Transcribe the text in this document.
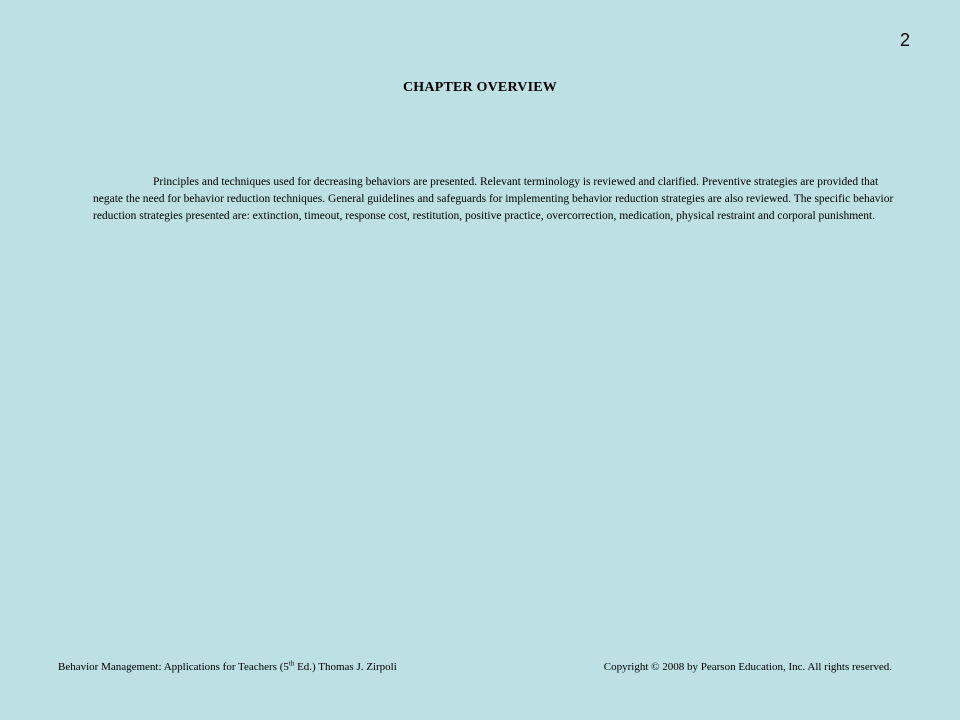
2
CHAPTER OVERVIEW
Principles and techniques used for decreasing behaviors are presented. Relevant terminology is reviewed and clarified. Preventive strategies are provided that negate the need for behavior reduction techniques. General guidelines and safeguards for implementing behavior reduction strategies are also reviewed. The specific behavior reduction strategies presented are: extinction, timeout, response cost, restitution, positive practice, overcorrection, medication, physical restraint and corporal punishment.
Behavior Management: Applications for Teachers (5th Ed.) Thomas J. Zirpoli	Copyright © 2008 by Pearson Education, Inc. All rights reserved.
